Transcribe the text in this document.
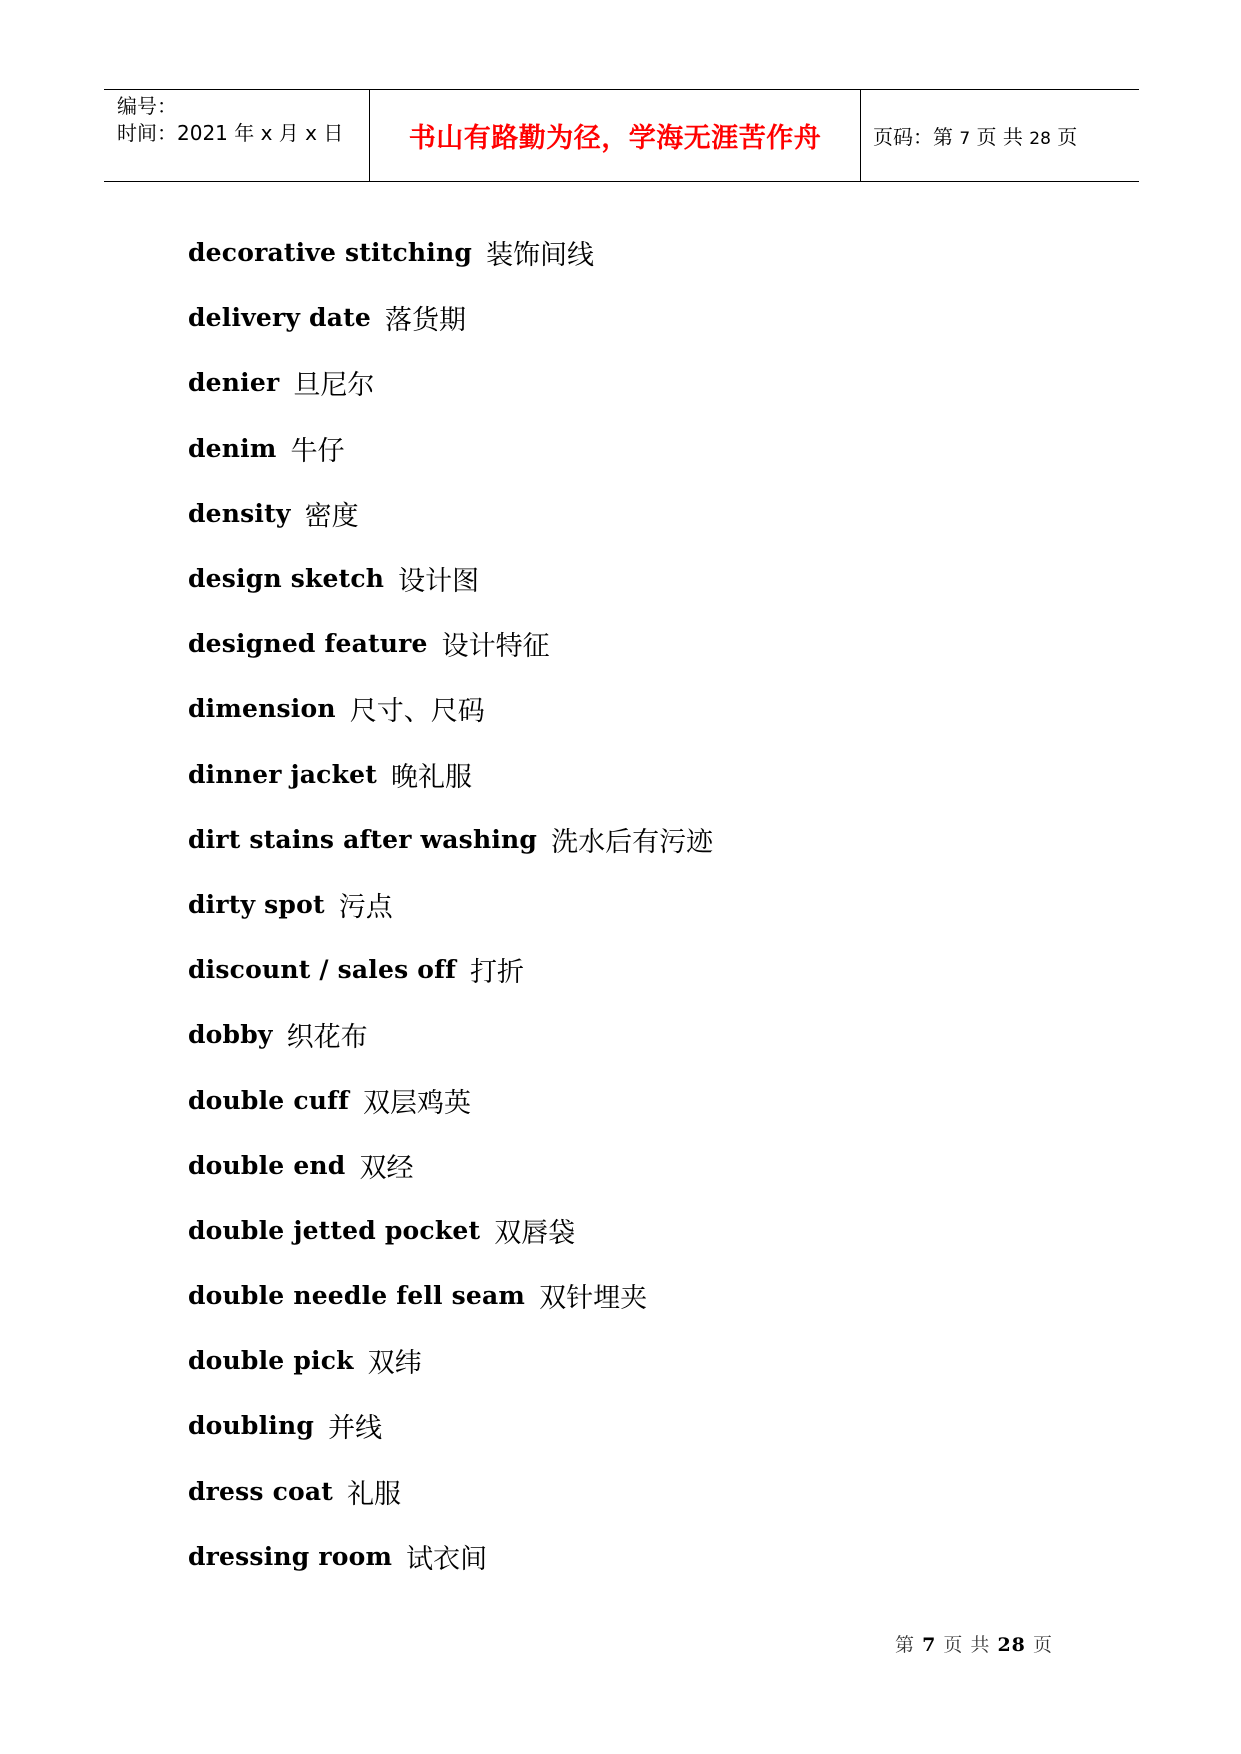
编号：
时间：2021 年 x 月 x 日 书山有路勤为径，学海无涯苦作舟	页码：第 7 页 共 28 页
decorative stitching 装饰间线
delivery date 落货期
denier 旦尼尔
denim 牛仔
density 密度
design sketch 设计图
designed feature 设计特征
dimension 尺寸、尺码
dinner jacket 晚礼服
dirt stains after washing 洗水后有污迹
dirty spot 污点
discount / sales off 打折
dobby 织花布
double cuff 双层鸡英
double end 双经
double jetted pocket 双唇袋
double needle fell seam 双针埋夹
double pick 双纬
doubling 并线
dress coat 礼服
dressing room 试衣间
第 7 页 共 28 页
